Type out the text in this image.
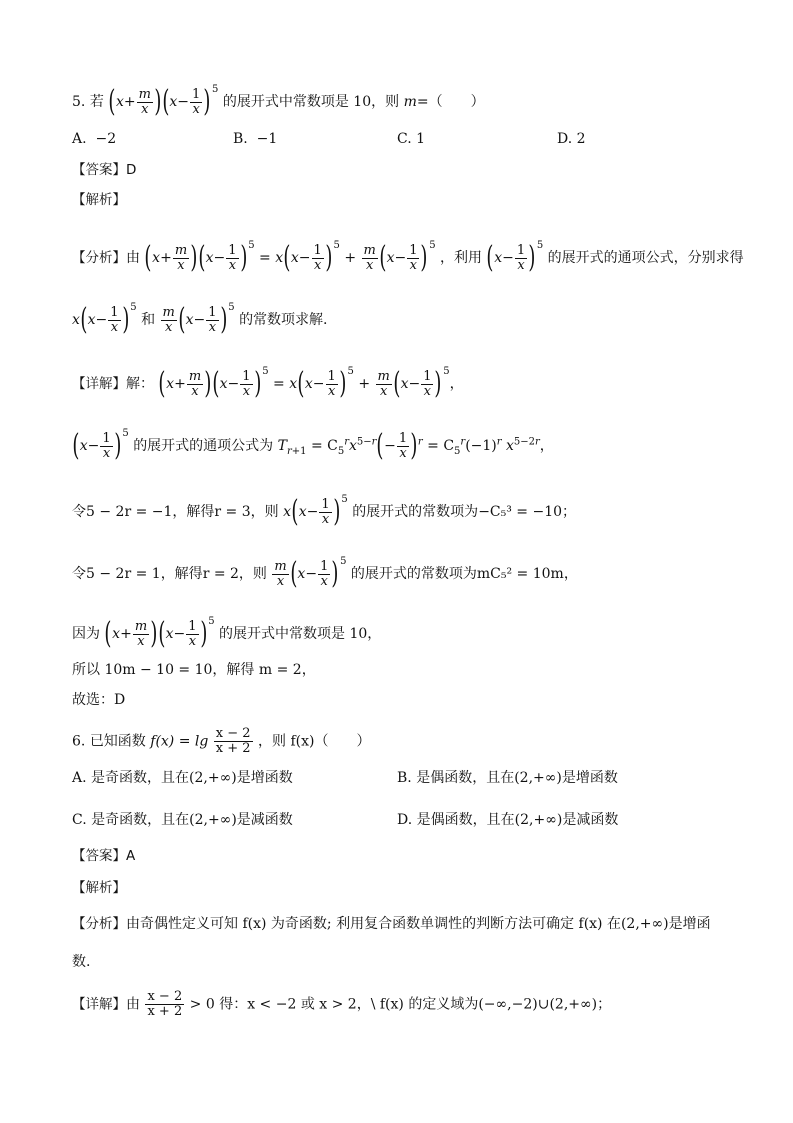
5. 若 $(x+ \frac{m}{x} )(x- \frac{1}{x} )^5$ 的展开式中常数项是 10，则 m=（　　）
A. −2	B. −1	C. 1	D. 2
【答案】D
【解析】
【分析】由 $(x+ \frac{m}{x} )(x- \frac{1}{x} )^5 = x(x- \frac{1}{x} )^5 + \frac{m}{x} (x- \frac{1}{x} )^5$ ，利用 $(x- \frac{1}{x} )^5$ 的展开式的通项公式，分别求得
$x(x- \frac{1}{x} )^5$ 和 $\frac{m}{x} (x- \frac{1}{x} )^5$ 的常数项求解.
【详解】解： $(x+ \frac{m}{x} )(x- \frac{1}{x} )^5 = x(x- \frac{1}{x} )^5 + \frac{m}{x} (x- \frac{1}{x} )^5$，
$(x- \frac{1}{x} )^5$ 的展开式的通项公式为 $T_{r+1} = C_5^rx^{5-r}(- \frac{1}{x} )^r = C_5^r(-1)^r$ $x^{5-2r}$，
令5 − 2r = −1，解得r = 3，则 $x(x- \frac{1}{x} )^5$ 的展开式的常数项为−C₅³ = −10；
令5 − 2r = 1，解得r = 2，则 $\frac{m}{x} (x- \frac{1}{x} )^5$ 的展开式的常数项为mC₅² = 10m，
因为 $(x+ \frac{m}{x} )(x- \frac{1}{x} )^5$ 的展开式中常数项是 10，
所以 10m − 10 = 10，解得 m = 2，
故选：D
6. 已知函数 $f(x) = \lg \frac{x - 2}{x + 2}$ ，则 f(x)（　　）
A. 是奇函数，且在(2,+∞)是增函数	B. 是偶函数，且在(2,+∞)是增函数
C. 是奇函数，且在(2,+∞)是减函数	D. 是偶函数，且在(2,+∞)是减函数
【答案】A
【解析】
【分析】由奇偶性定义可知 f(x) 为奇函数; 利用复合函数单调性的判断方法可确定 f(x) 在(2,+∞)是增函
数.
【详解】由 $\frac{x - 2}{x + 2} > 0$ 得：x < −2 或 x > 2，\ f(x) 的定义域为(−∞,−2)∪(2,+∞)；
